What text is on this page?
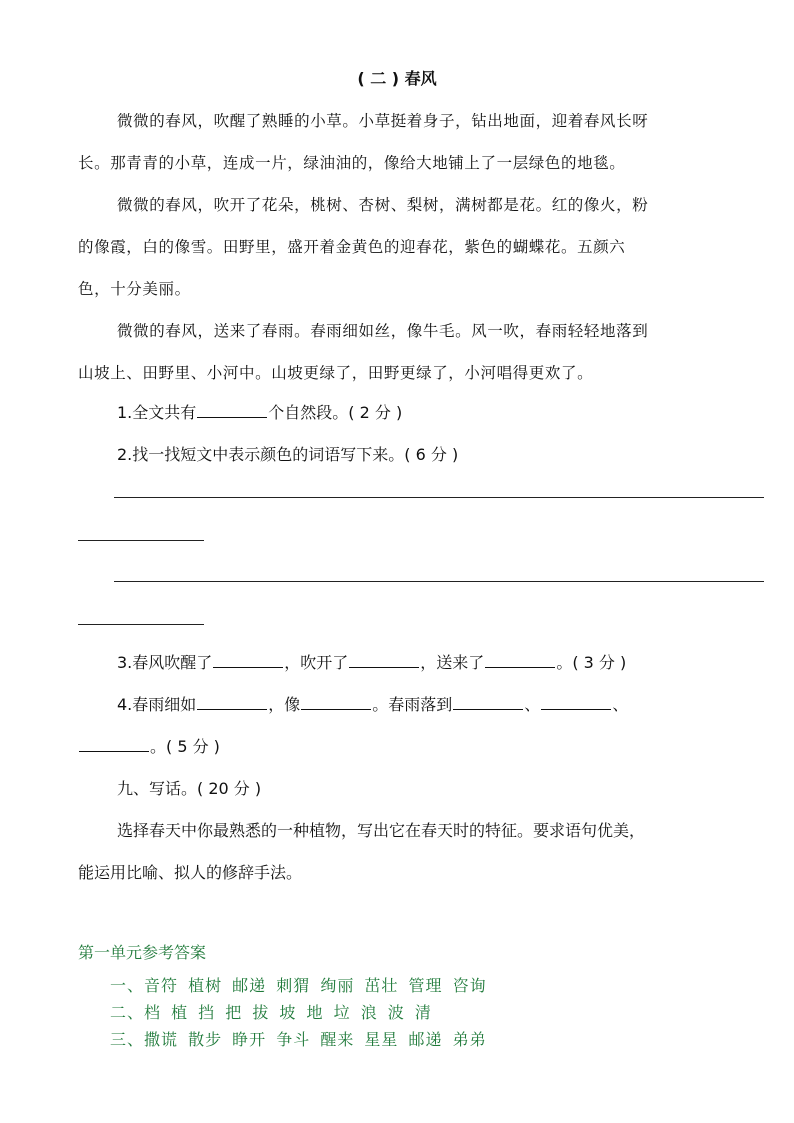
( 二 ) 春风
微微的春风，吹醒了熟睡的小草。小草挺着身子，钻出地面，迎着春风长呀
长。那青青的小草，连成一片，绿油油的，像给大地铺上了一层绿色的地毯。
微微的春风，吹开了花朵，桃树、杏树、梨树，满树都是花。红的像火，粉
的像霞，白的像雪。田野里，盛开着金黄色的迎春花，紫色的蝴蝶花。五颜六
色，十分美丽。
微微的春风，送来了春雨。春雨细如丝，像牛毛。风一吹，春雨轻轻地落到
山坡上、田野里、小河中。山坡更绿了，田野更绿了，小河唱得更欢了。
1.全文共有	个自然段。( 2 分 )
2.找一找短文中表示颜色的词语写下来。( 6 分 )
3.春风吹醒了	，吹开了	，送来了	。( 3 分 )
4.春雨细如	，像	。春雨落到	、	、
。( 5 分 )
九、写话。( 20 分 )
选择春天中你最熟悉的一种植物，写出它在春天时的特征。要求语句优美，
能运用比喻、拟人的修辞手法。
第一单元参考答案
一、音符 植树 邮递 刺猬 绚丽 茁壮 管理 咨询
二、档 植 挡 把 拔 坡 地 垃 浪 波 清
三、撒谎 散步 睁开 争斗 醒来 星星 邮递 弟弟
